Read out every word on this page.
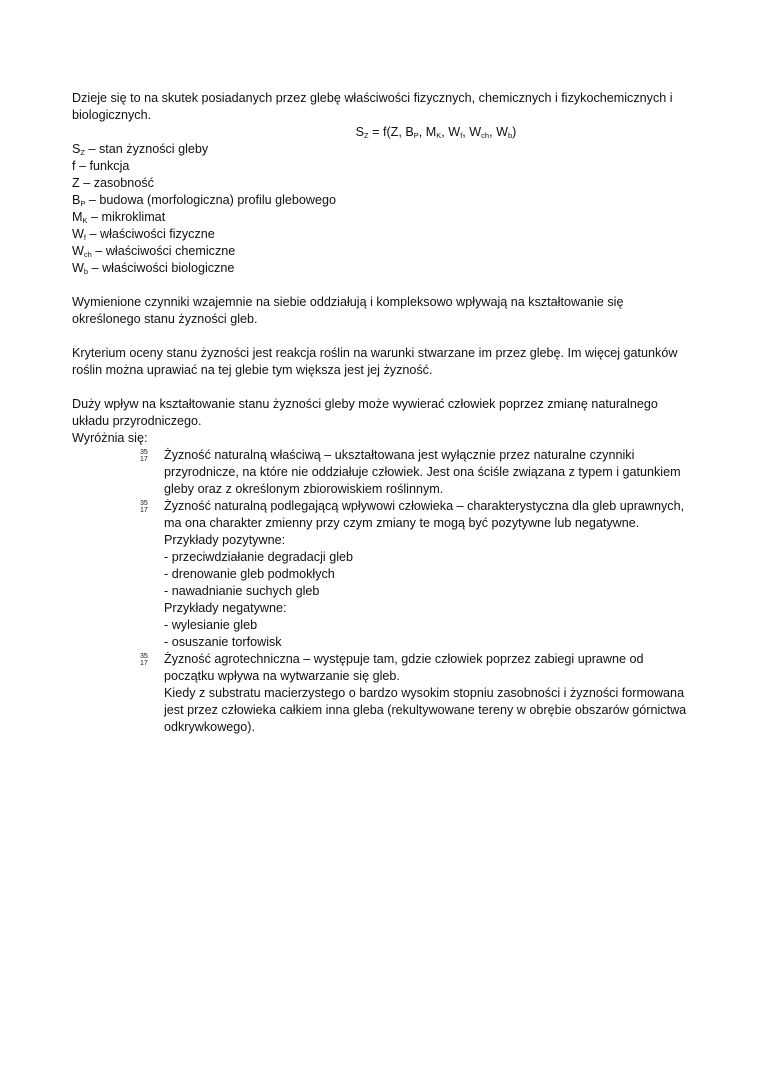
Dzieje się to na skutek posiadanych przez glebę właściwości fizycznych, chemicznych i fizykochemicznych i biologicznych.

$S_Z = f(Z$, $B_P$, $M_K$, $W_f$, $W_{ch}$, $W_b$)

$S_Z$ – stan żyzności gleby

f – funkcja

Z – zasobność

$B_P$ – budowa (morfologiczna) profilu glebowego

$M_K$ – mikroklimat

$W_f$ – właściwości fizyczne

$W_{ch}$ – właściwości chemiczne

$W_b$ – właściwości biologiczne

Wymienione czynniki wzajemnie na siebie oddziałują i kompleksowo wpływają na kształtowanie się określonego stanu żyzności gleb.

Kryterium oceny stanu żyzności jest reakcja roślin na warunki stwarzane im przez glebę. Im więcej gatunków roślin można uprawiać na tej glebie tym większa jest jej żyzność.

Duży wpływ na kształtowanie stanu żyzności gleby może wywierać człowiek poprzez zmianę naturalnego układu przyrodniczego.

Wyróżnia się:

35
17	Żyzność naturalną właściwą – ukształtowana jest wyłącznie przez naturalne czynniki przyrodnicze, na które nie oddziałuje człowiek. Jest ona ściśle związana z typem i gatunkiem gleby oraz z określonym zbiorowiskiem roślinnym.

35
17	Żyzność naturalną podlegającą wpływowi człowieka – charakterystyczna dla gleb uprawnych, ma ona charakter zmienny przy czym zmiany te mogą być pozytywne lub negatywne.

Przykłady pozytywne:

- przeciwdziałanie degradacji gleb

- drenowanie gleb podmokłych

- nawadnianie suchych gleb

Przykłady negatywne:

- wylesianie gleb

- osuszanie torfowisk

35
17	Żyzność agrotechniczna – występuje tam, gdzie człowiek poprzez zabiegi uprawne od początku wpływa na wytwarzanie się gleb.

Kiedy z substratu macierzystego o bardzo wysokim stopniu zasobności i żyzności formowana jest przez człowieka całkiem inna gleba (rekultywowane tereny w obrębie obszarów górnictwa odkrywkowego).
